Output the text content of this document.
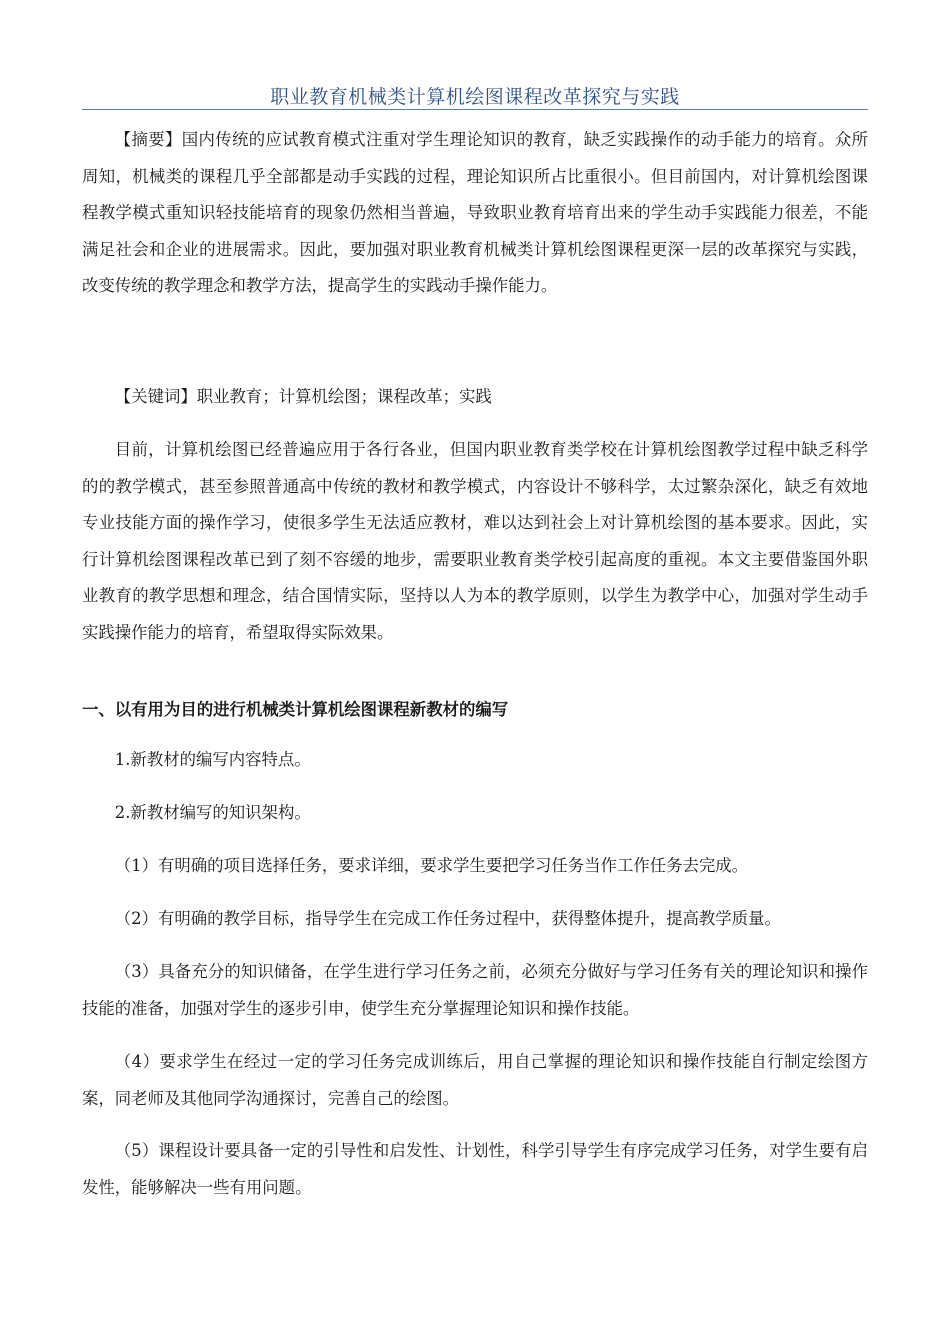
职业教育机械类计算机绘图课程改革探究与实践
【摘要】国内传统的应试教育模式注重对学生理论知识的教育，缺乏实践操作的动手能力的培育。众所周知，机械类的课程几乎全部都是动手实践的过程，理论知识所占比重很小。但目前国内，对计算机绘图课程教学模式重知识轻技能培育的现象仍然相当普遍，导致职业教育培育出来的学生动手实践能力很差，不能满足社会和企业的进展需求。因此，要加强对职业教育机械类计算机绘图课程更深一层的改革探究与实践，改变传统的教学理念和教学方法，提高学生的实践动手操作能力。
【关键词】职业教育；计算机绘图；课程改革；实践
目前，计算机绘图已经普遍应用于各行各业，但国内职业教育类学校在计算机绘图教学过程中缺乏科学的的教学模式，甚至参照普通高中传统的教材和教学模式，内容设计不够科学，太过繁杂深化，缺乏有效地专业技能方面的操作学习，使很多学生无法适应教材，难以达到社会上对计算机绘图的基本要求。因此，实行计算机绘图课程改革已到了刻不容缓的地步，需要职业教育类学校引起高度的重视。本文主要借鉴国外职业教育的教学思想和理念，结合国情实际，坚持以人为本的教学原则，以学生为教学中心，加强对学生动手实践操作能力的培育，希望取得实际效果。
一、以有用为目的进行机械类计算机绘图课程新教材的编写
1.新教材的编写内容特点。
2.新教材编写的知识架构。
（1）有明确的项目选择任务，要求详细，要求学生要把学习任务当作工作任务去完成。
（2）有明确的教学目标，指导学生在完成工作任务过程中，获得整体提升，提高教学质量。
（3）具备充分的知识储备，在学生进行学习任务之前，必须充分做好与学习任务有关的理论知识和操作技能的准备，加强对学生的逐步引申，使学生充分掌握理论知识和操作技能。
（4）要求学生在经过一定的学习任务完成训练后，用自己掌握的理论知识和操作技能自行制定绘图方案，同老师及其他同学沟通探讨，完善自己的绘图。
（5）课程设计要具备一定的引导性和启发性、计划性，科学引导学生有序完成学习任务，对学生要有启发性，能够解决一些有用问题。
